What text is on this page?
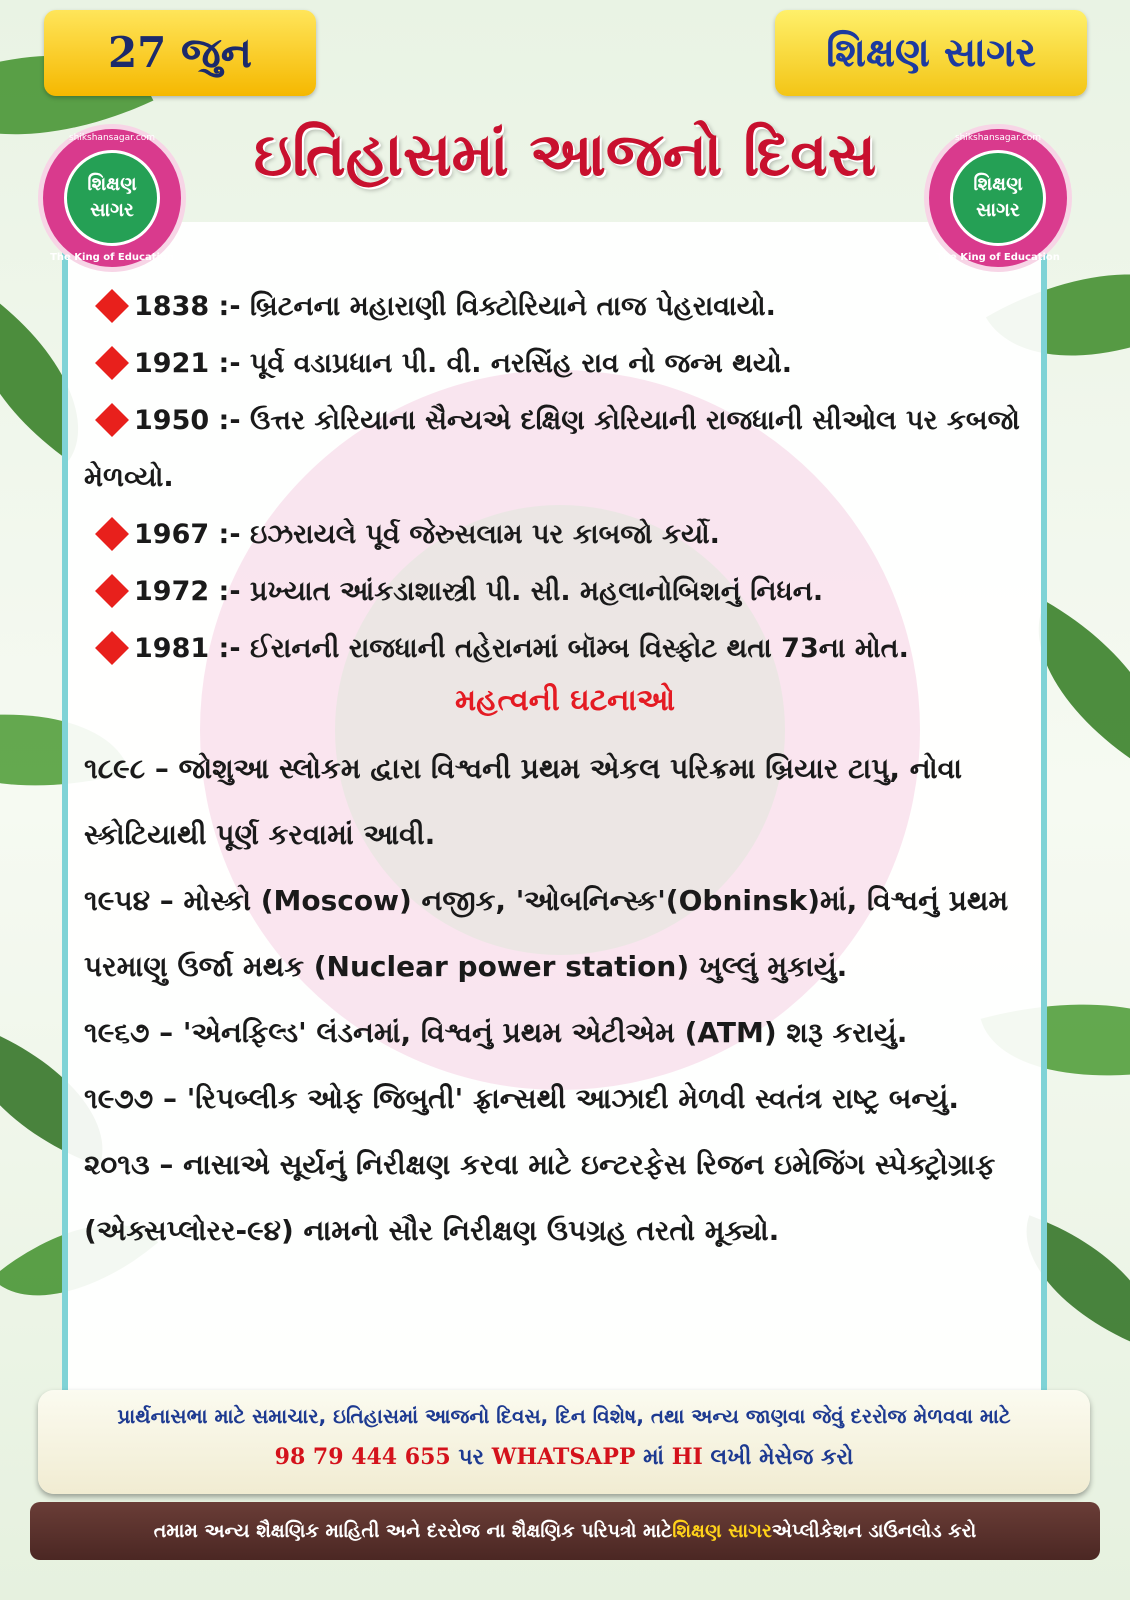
27 જુન	શિક્ષણ સાગર
ઇતિહાસમાં આજનો દિવસ
shikshansagar.com
શિક્ષણ
સાગર
The King of Education
shikshansagar.com
શિક્ષણ
સાગર
The King of Education
1838 :- બ્રિટનના મહારાણી વિક્ટોરિયાને તાજ પેહરાવાયો.
1921 :- પૂર્વ વડાપ્રધાન પી. વી. નરસિંહ રાવ નો જન્મ થયો.
1950 :- ઉત્તર કોરિયાના સૈન્યએ દક્ષિણ કોરિયાની રાજધાની સીઓલ પર કબજો મેળવ્યો.
1967 :- ઇઝરાયલે પૂર્વ જેરુસલામ પર કાબજો કર્યો.
1972 :- પ્રખ્યાત આંકડાશાસ્ત્રી પી. સી. મહલાનોબિશનું નિધન.
1981 :- ઈરાનની રાજધાની તહેરાનમાં બૉમ્બ વિસ્ફોટ થતા 73ના મોત.
મહત્વની ઘટનાઓ
૧૮૯૮ – જોશુઆ સ્લોકમ દ્વારા વિશ્વની પ્રથમ એકલ પરિક્રમા બ્રિયાર ટાપુ, નોવા સ્કોટિયાથી પૂર્ણ કરવામાં આવી.
૧૯૫૪ – મોસ્કો (Moscow) નજીક, 'ઓબનિન્સ્ક'(Obninsk)માં, વિશ્વનું પ્રથમ પરમાણુ ઉર્જા મથક (Nuclear power station) ખુલ્લું મુકાયું.
૧૯૬૭ – 'એનફિલ્ડ' લંડનમાં, વિશ્વનું પ્રથમ એટીએમ (ATM) શરૂ કરાયું.
૧૯૭૭ – 'રિપબ્લીક ઓફ જિબુતી' ફ્રાન્સથી આઝાદી મેળવી સ્વતંત્ર રાષ્ટ્ર બન્યું.
૨૦૧૩ – નાસાએ સૂર્યનું નિરીક્ષણ કરવા માટે ઇન્ટરફેસ રિજન ઇમેજિંગ સ્પેક્ટ્રોગ્રાફ (એક્સપ્લોરર-૯૪) નામનો સૌર નિરીક્ષણ ઉપગ્રહ તરતો મૂક્યો.
પ્રાર્થનાસભા માટે સમાચાર, ઇતિહાસમાં આજનો દિવસ, દિન વિશેષ, તથા અન્ય જાણવા જેવું દરરોજ મેળવવા માટે
98 79 444 655 પર WHATSAPP માં HI લખી મેસેજ કરો
તમામ અન્ય શૈક્ષણિક માહિતી અને દરરોજ ના શૈક્ષણિક પરિપત્રો માટે શિક્ષણ સાગર એપ્લીકેશન ડાઉનલોડ કરો
